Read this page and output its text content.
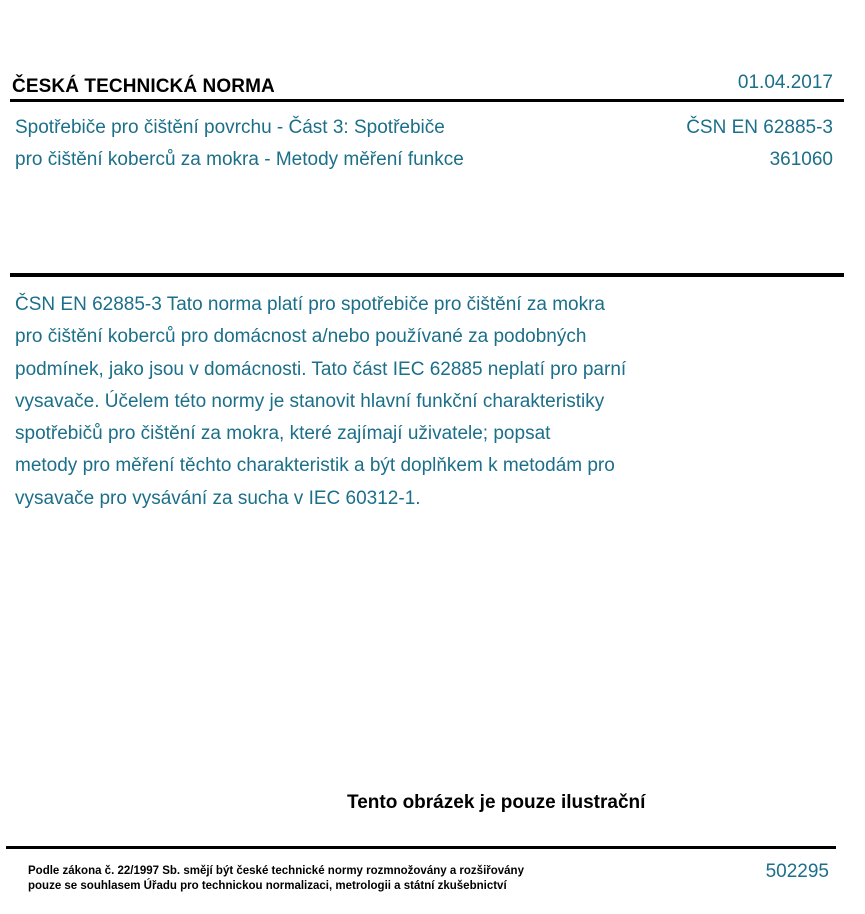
ČESKÁ TECHNICKÁ NORMA	01.04.2017
Spotřebiče pro čištění povrchu - Část 3: Spotřebiče
pro čištění koberců za mokra - Metody měření funkce
ČSN EN 62885-3
361060
ČSN EN 62885-3 Tato norma platí pro spotřebiče pro čištění za mokra
pro čištění koberců pro domácnost a/nebo používané za podobných
podmínek, jako jsou v domácnosti. Tato část IEC 62885 neplatí pro parní
vysavače. Účelem této normy je stanovit hlavní funkční charakteristiky
spotřebičů pro čištění za mokra, které zajímají uživatele; popsat
metody pro měření těchto charakteristik a být doplňkem k metodám pro
vysavače pro vysávání za sucha v IEC 60312-1.
Tento obrázek je pouze ilustrační
Podle zákona č. 22/1997 Sb. smějí být české technické normy rozmnožovány a rozšiřovány
pouze se souhlasem Úřadu pro technickou normalizaci, metrologii a státní zkušebnictví
502295
